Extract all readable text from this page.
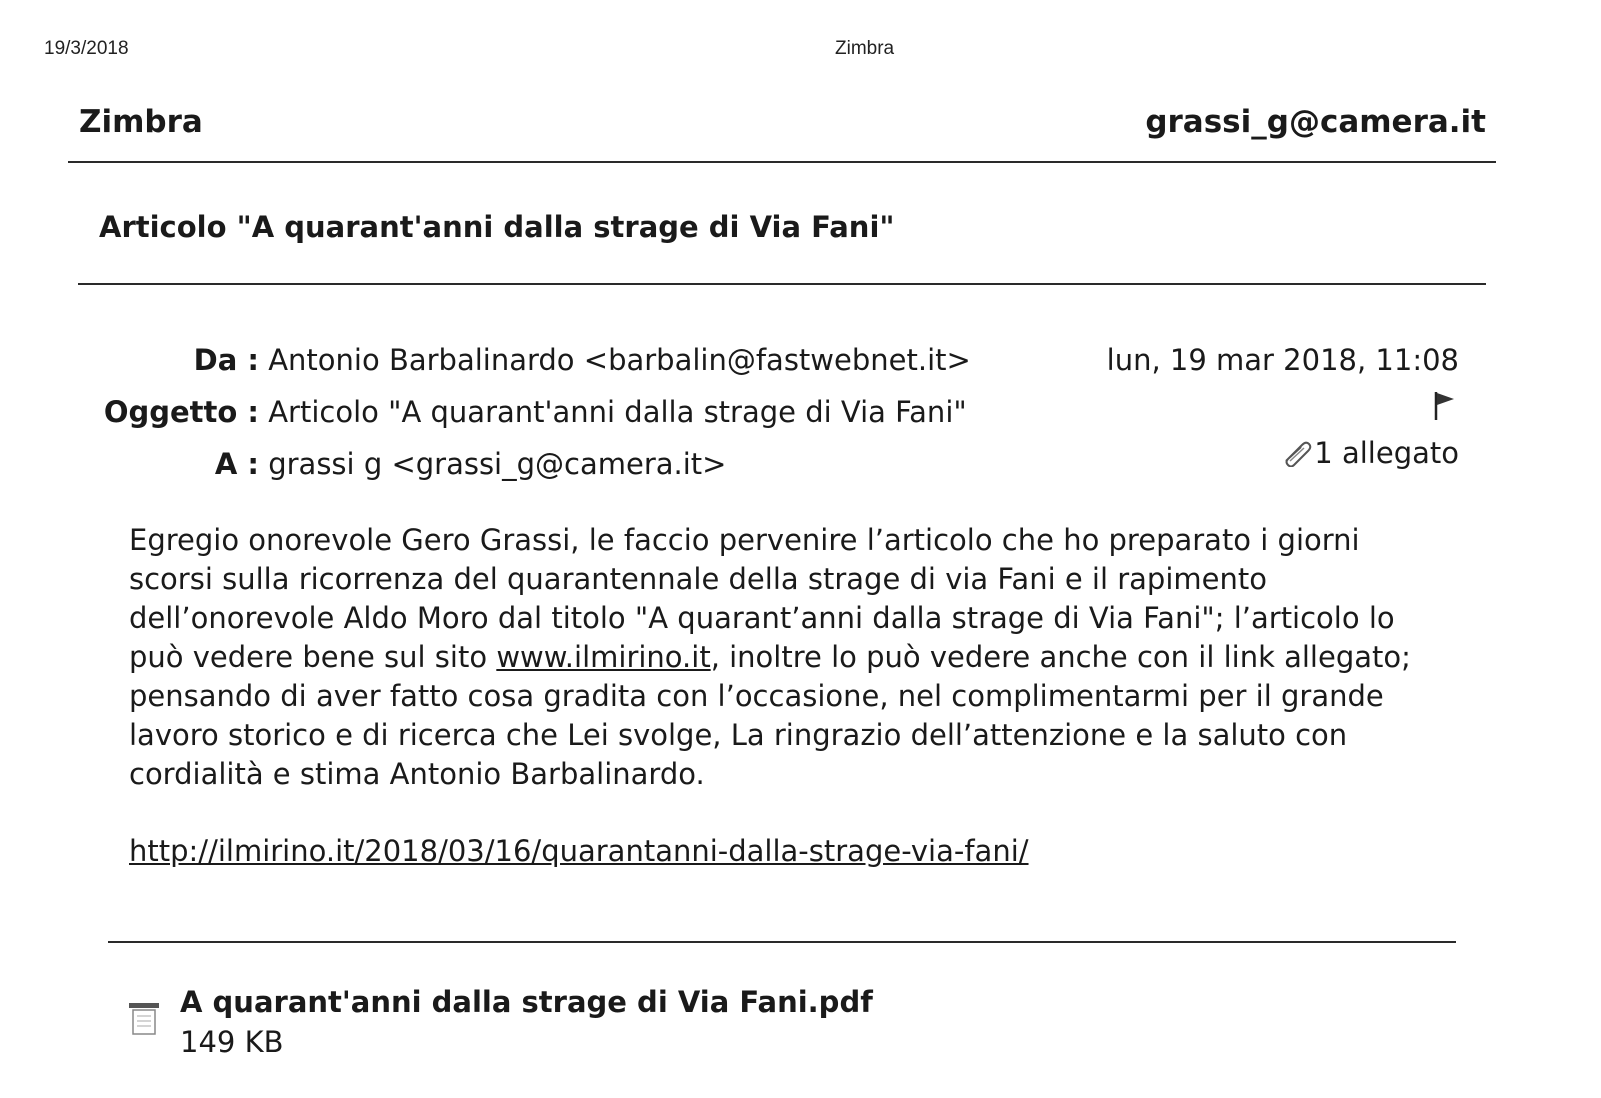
19/3/2018	Zimbra
Zimbra	grassi_g@camera.it
Articolo "A quarant'anni dalla strage di Via Fani"
Da : Antonio Barbalinardo <barbalin@fastwebnet.it>
Oggetto : Articolo "A quarant'anni dalla strage di Via Fani"
A : grassi g <grassi_g@camera.it>
lun, 19 mar 2018, 11:08
1 allegato

Egregio onorevole Gero Grassi, le faccio pervenire l’articolo che ho preparato i giorni scorsi sulla ricorrenza del quarantennale della strage di via Fani e il rapimento dell’onorevole Aldo Moro dal titolo "A quarant’anni dalla strage di Via Fani"; l’articolo lo può vedere bene sul sito www.ilmirino.it, inoltre lo può vedere anche con il link allegato; pensando di aver fatto cosa gradita con l’occasione, nel complimentarmi per il grande lavoro storico e di ricerca che Lei svolge, La ringrazio dell’attenzione e la saluto con cordialità e stima Antonio Barbalinardo.

http://ilmirino.it/2018/03/16/quarantanni-dalla-strage-via-fani/
A quarant'anni dalla strage di Via Fani.pdf
149 KB
